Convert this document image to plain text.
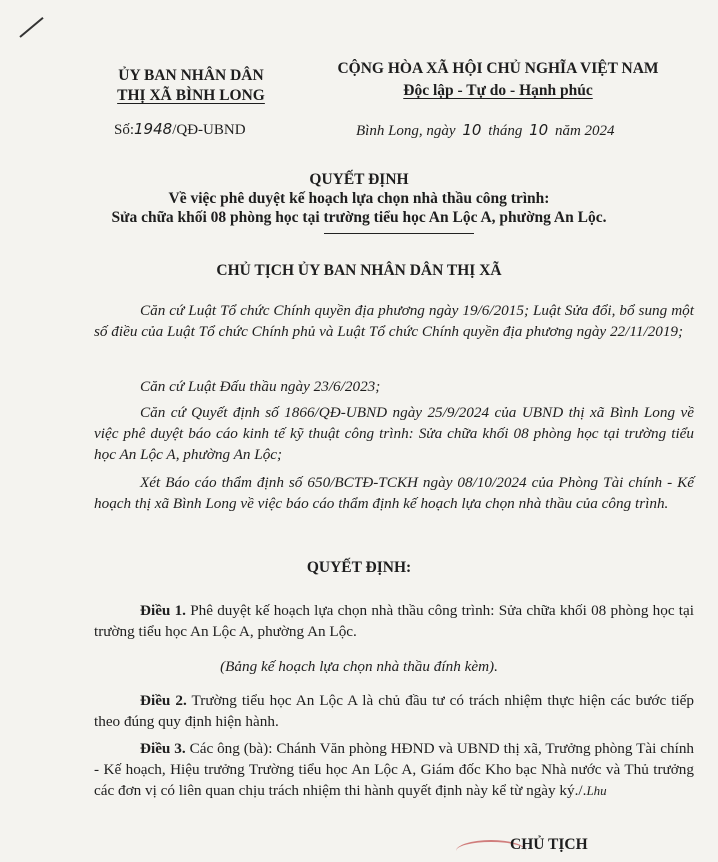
ỦY BAN NHÂN DÂN
THỊ XÃ BÌNH LONG
CỘNG HÒA XÃ HỘI CHỦ NGHĨA VIỆT NAM
Độc lập - Tự do - Hạnh phúc
Số:1948/QĐ-UBND	Bình Long, ngày 10 tháng 10 năm 2024
QUYẾT ĐỊNH
Về việc phê duyệt kế hoạch lựa chọn nhà thầu công trình:
Sửa chữa khối 08 phòng học tại trường tiểu học An Lộc A, phường An Lộc.
CHỦ TỊCH ỦY BAN NHÂN DÂN THỊ XÃ
Căn cứ Luật Tổ chức Chính quyền địa phương ngày 19/6/2015; Luật Sửa đổi, bổ sung một số điều của Luật Tổ chức Chính phủ và Luật Tổ chức Chính quyền địa phương ngày 22/11/2019;
Căn cứ Luật Đấu thầu ngày 23/6/2023;
Căn cứ Quyết định số 1866/QĐ-UBND ngày 25/9/2024 của UBND thị xã Bình Long về việc phê duyệt báo cáo kinh tế kỹ thuật công trình: Sửa chữa khối 08 phòng học tại trường tiểu học An Lộc A, phường An Lộc;
Xét Báo cáo thẩm định số 650/BCTĐ-TCKH ngày 08/10/2024 của Phòng Tài chính - Kế hoạch thị xã Bình Long về việc báo cáo thẩm định kế hoạch lựa chọn nhà thầu của công trình.
QUYẾT ĐỊNH:
Điều 1. Phê duyệt kế hoạch lựa chọn nhà thầu công trình: Sửa chữa khối 08 phòng học tại trường tiểu học An Lộc A, phường An Lộc.
(Bảng kế hoạch lựa chọn nhà thầu đính kèm).
Điều 2. Trường tiểu học An Lộc A là chủ đầu tư có trách nhiệm thực hiện các bước tiếp theo đúng quy định hiện hành.
Điều 3. Các ông (bà): Chánh Văn phòng HĐND và UBND thị xã, Trưởng phòng Tài chính - Kế hoạch, Hiệu trưởng Trường tiểu học An Lộc A, Giám đốc Kho bạc Nhà nước và Thủ trưởng các đơn vị có liên quan chịu trách nhiệm thi hành quyết định này kể từ ngày ký./.Lhu
CHỦ TỊCH
